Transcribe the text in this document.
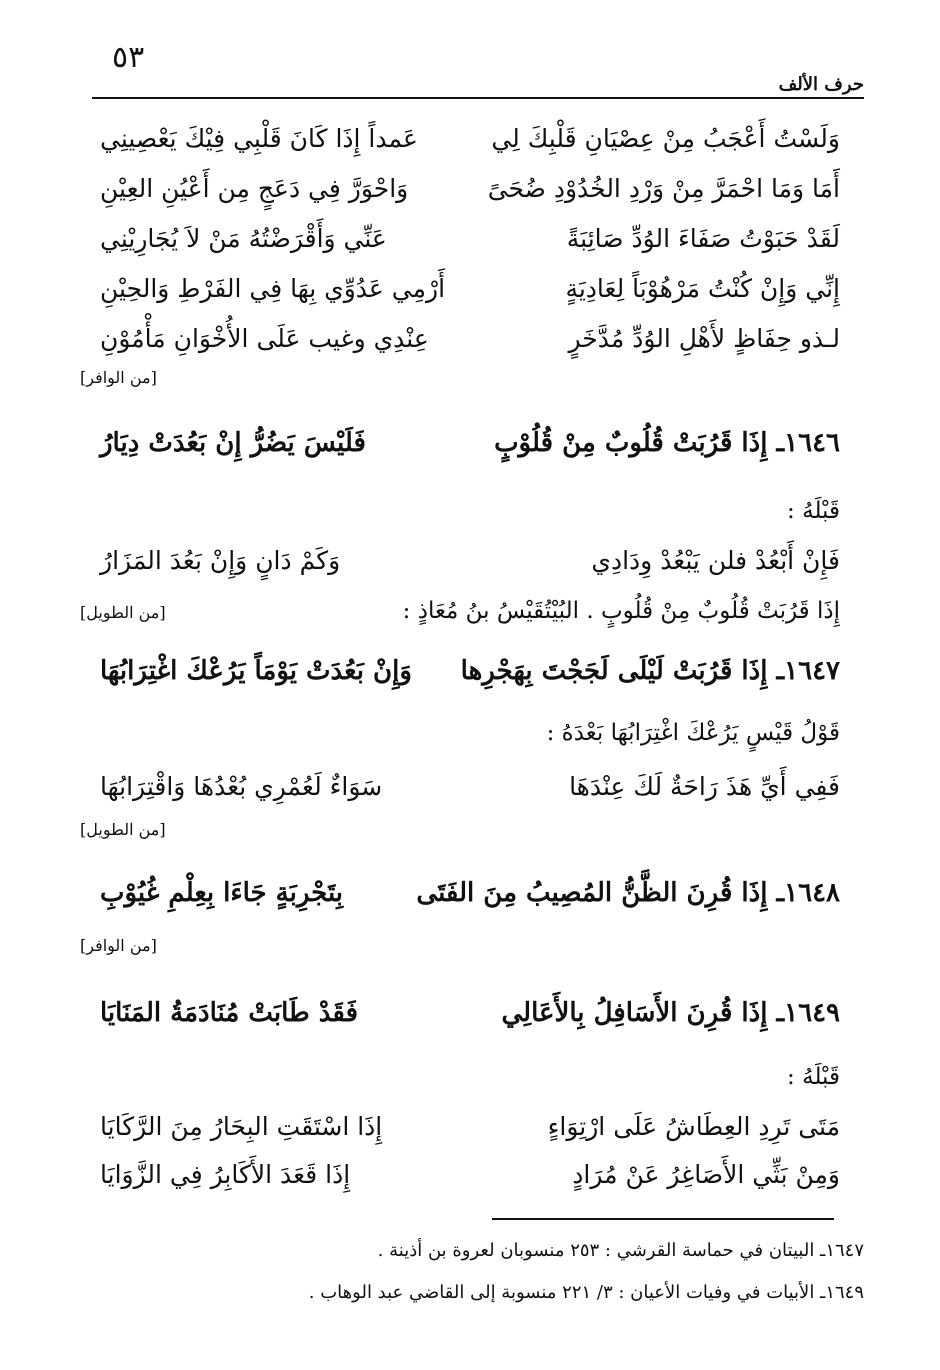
٥٣
حرف الألف
وَلَسْتُ أَعْجَبُ مِنْ عِصْيَانِ قَلْبِكَ لِي
عَمداً إِذَا كَانَ قَلْبِي فِيْكَ يَعْصِينِي
أَمَا وَمَا احْمَرَّ مِنْ وَرْدِ الخُدُوْدِ ضُحَىً
وَاحْوَرَّ فِي دَعَجٍ مِن أَعْيُنِ العِيْنِ
لَقَدْ حَبَوْتُ صَفَاءَ الوُدِّ صَائِبَةً
عَنِّي وَأَقْرَضْتُهُ مَنْ لاَ يُجَارِيْنِي
إِنِّي وَإِنْ كُنْتُ مَرْهُوْبَاً لِعَادِيَةٍ
أَرْمِي عَدُوِّي بِهَا فِي الفَرْطِ وَالحِيْنِ
لـذو حِفَاظٍ لأَهْلِ الوُدِّ مُدَّخَرٍ
عِنْدِي وغيب عَلَى الأُخْوَانِ مَأْمُوْنِ
[من الوافر]
١٦٤٦ـ إِذَا قَرُبَتْ قُلُوبٌ مِنْ قُلُوْبٍ
فَلَيْسَ يَضُرُّ إِنْ بَعُدَتْ دِيَارُ
قَبْلَهُ :
فَإِنْ أَبْعُدْ فلن يَبْعُدْ وِدَادِي
وَكَمْ دَانٍ وَإِنْ بَعُدَ المَزَارُ
[من الطويل]	إِذَا قَرُبَتْ قُلُوبٌ مِنْ قُلُوبٍ . البُيْتُقَيْسُ بنُ مُعَاذٍ :
١٦٤٧ـ إِذَا قَرُبَتْ لَيْلَى لَجَجْتَ بِهَجْرِها
وَإِنْ بَعُدَتْ يَوْمَاً يَرُعْكَ اغْتِرَابُهَا
قَوْلُ قَيْسٍ يَرُعْكَ اغْتِرَابُهَا بَعْدَهُ :
فَفِي أَيِّ هَذَ رَاحَةٌ لَكَ عِنْدَهَا
سَوَاءٌ لَعُمْرِي بُعْدُهَا وَاقْتِرَابُهَا
[من الطويل]
١٦٤٨ـ إِذَا قُرِنَ الظَّنُّ المُصِيبُ مِنَ الفَتَى
بِتَجْرِبَةٍ جَاءَا بِعِلْمِ غُيُوْبِ
[من الوافر]
١٦٤٩ـ إِذَا قُرِنَ الأَسَافِلُ بِالأَعَالِي
فَقَدْ طَابَتْ مُنَادَمَةُ المَنَايَا
قَبْلَهُ :
مَتَى تَرِدِ العِطَاشُ عَلَى ارْتِوَاءٍ
إِذَا اسْتَقَتِ البِحَارُ مِنَ الرَّكَايَا
وَمِنْ بَثِّي الأَصَاغِرُ عَنْ مُرَادٍ
إِذَا قَعَدَ الأَكَابِرُ فِي الزَّوَايَا
١٦٤٧ـ البيتان في حماسة القرشي : ٢٥٣ منسوبان لعروة بن أذينة .
١٦٤٩ـ الأبيات في وفيات الأعيان : ٣/ ٢٢١ منسوبة إلى القاضي عبد الوهاب .
